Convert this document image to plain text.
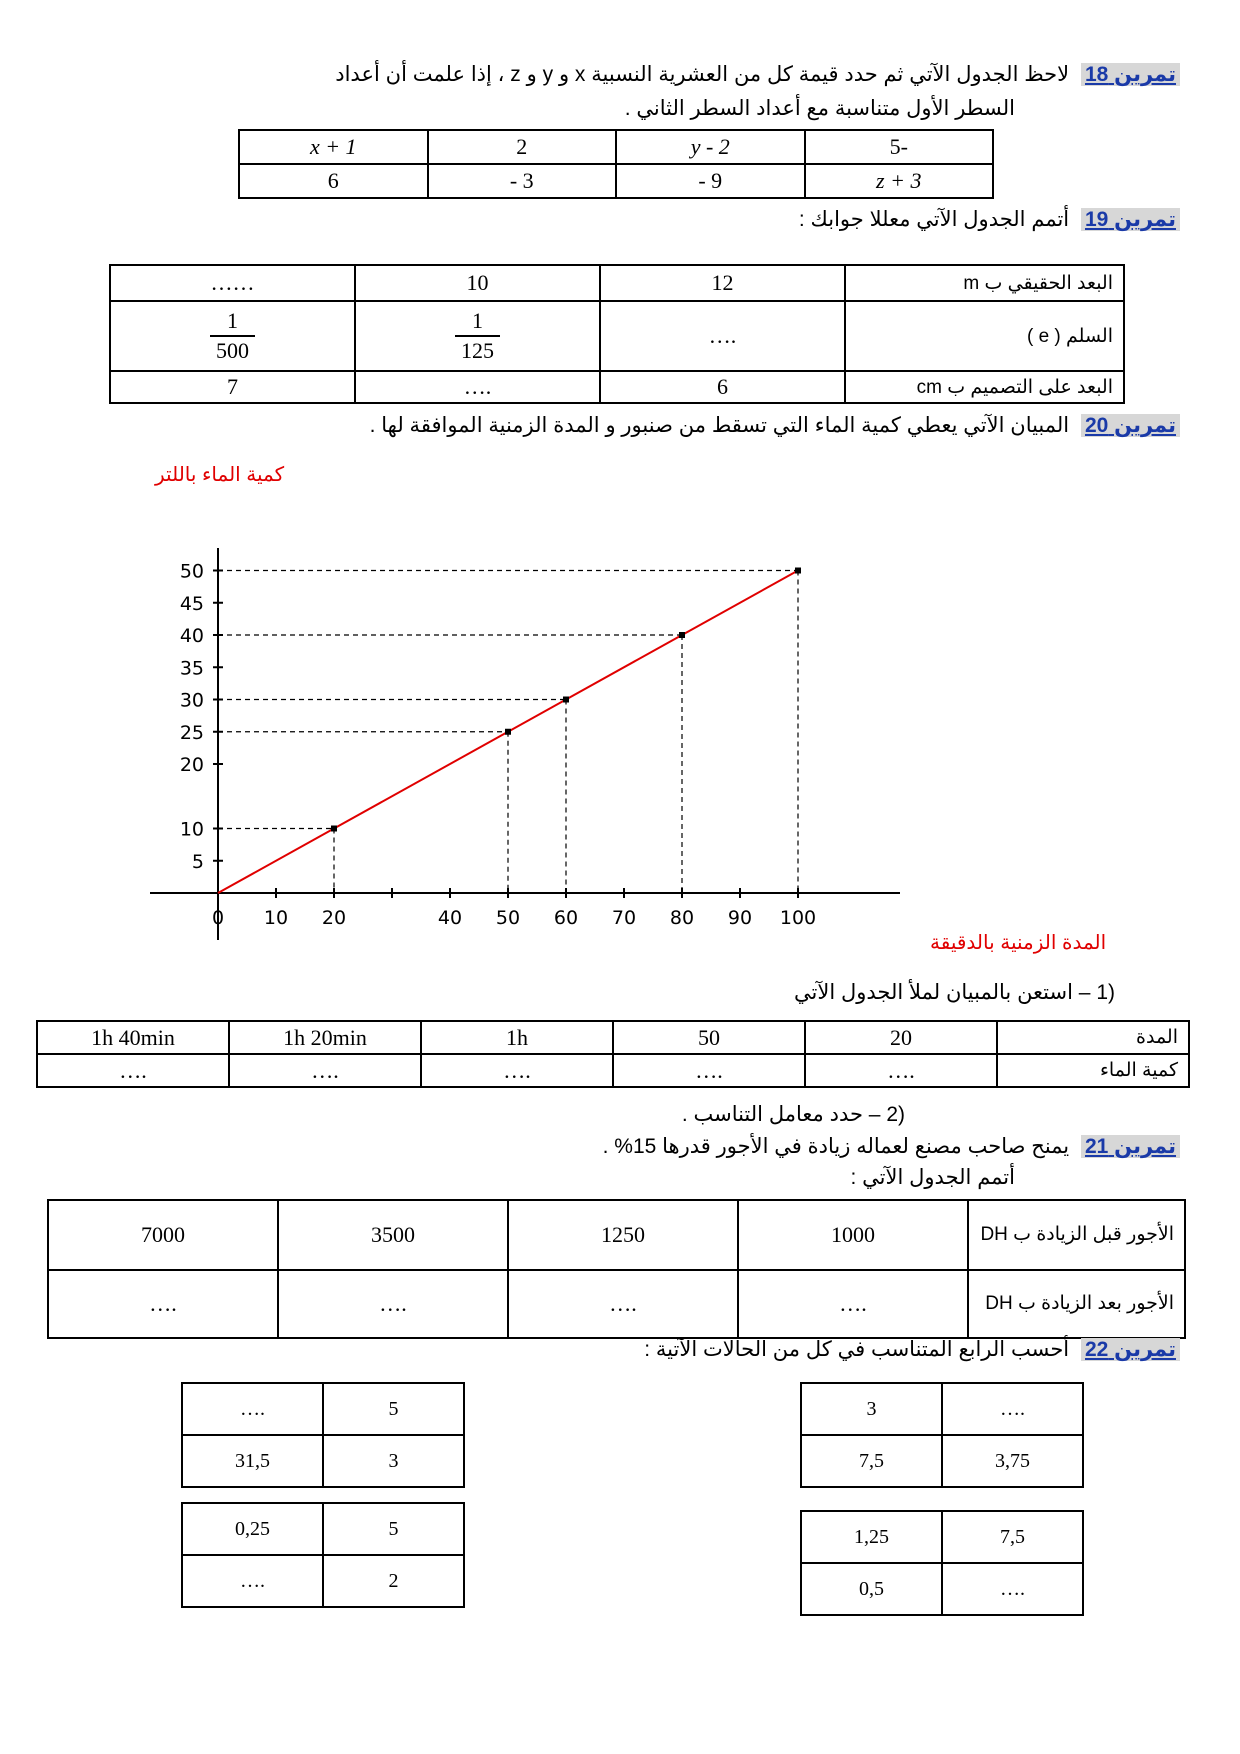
تمرين 18 لاحظ الجدول الآتي ثم حدد قيمة كل من العشرية النسبية x و y و z ، إذا علمت أن أعداد
السطر الأول متناسبة مع أعداد السطر الثاني .
x + 1	2	y - 2	5-
6	- 3	- 9	z + 3
تمرين 19 أتمم الجدول الآتي معللا جوابك :
……	10	12	البعد الحقيقي ب m

$\frac{1}{500}$	$\frac{1}{125}$	….	السلم ( e )
7	….	6	البعد على التصميم ب cm
تمرين 20 المبيان الآتي يعطي كمية الماء التي تسقط من صنبور و المدة الزمنية الموافقة لها .
كمية الماء باللتر
المدة الزمنية بالدقيقة
0 10 20	40 50 60 70 80 90 100
5
10
20
25
30
35
40
45
50
(1 – استعن بالمبيان لملأ الجدول الآتي
1h 40min	1h 20min	1h	50	20	المدة
….	….	….	….	….	كمية الماء
(2 – حدد معامل التناسب .
تمرين 21 يمنح صاحب مصنع لعماله زيادة في الأجور قدرها 15% .
أتمم الجدول الآتي :
7000	3500	1250	1000	الأجور قبل الزيادة ب DH
….	….	….	….	الأجور بعد الزيادة ب DH
تمرين 22 أحسب الرابع المتناسب في كل من الحالات الآتية :
….	5
31,5	3
3	….
7,5	3,75
0,25	5
….	2
1,25	7,5
0,5	….
